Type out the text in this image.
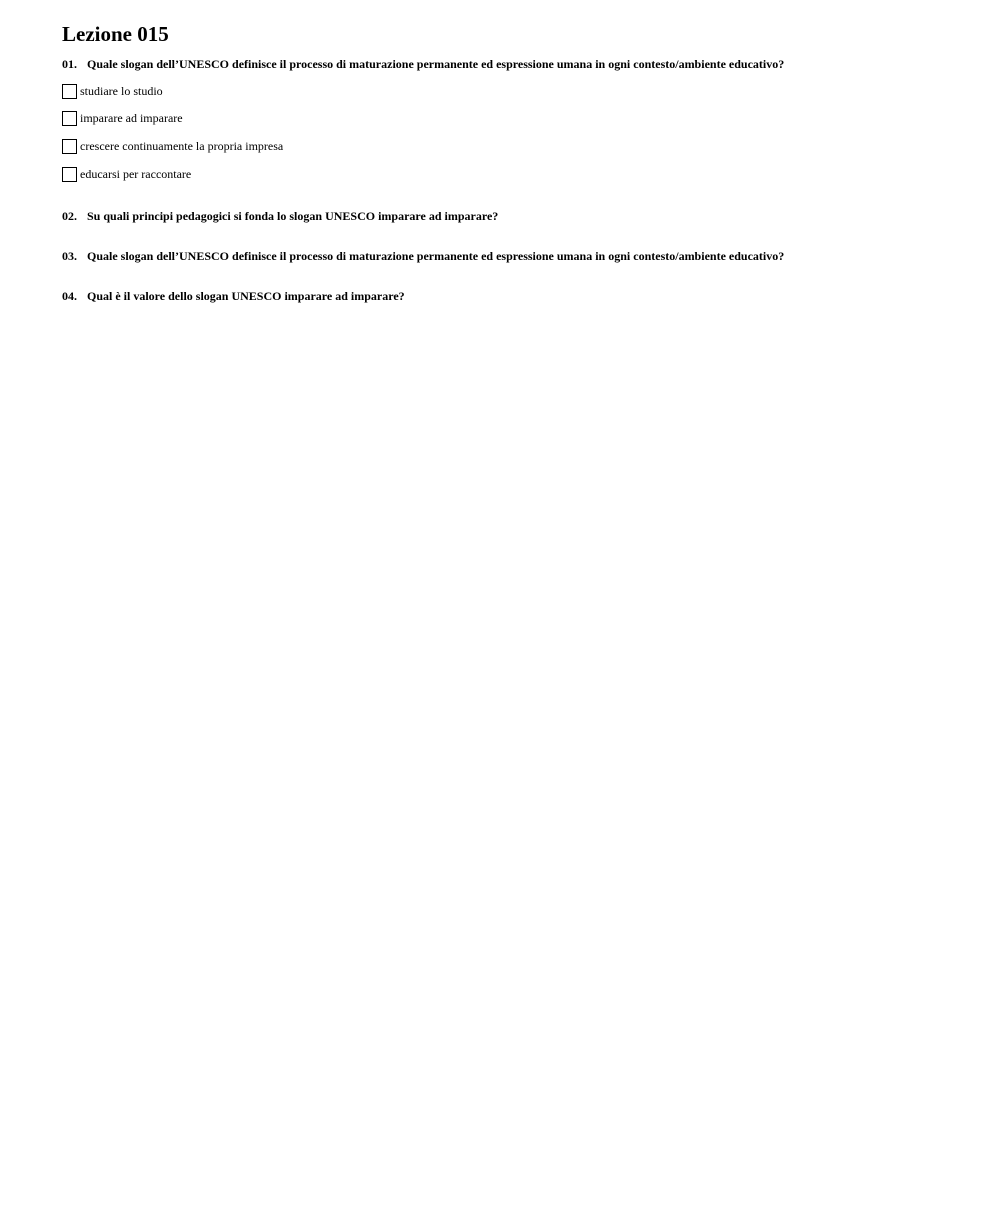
Lezione 015
01. Quale slogan dell’UNESCO definisce il processo di maturazione permanente ed espressione umana in ogni contesto/ambiente educativo?
studiare lo studio
imparare ad imparare
crescere continuamente la propria impresa
educarsi per raccontare
02. Su quali principi pedagogici si fonda lo slogan UNESCO imparare ad imparare?
03. Quale slogan dell’UNESCO definisce il processo di maturazione permanente ed espressione umana in ogni contesto/ambiente educativo?
04. Qual è il valore dello slogan UNESCO imparare ad imparare?
